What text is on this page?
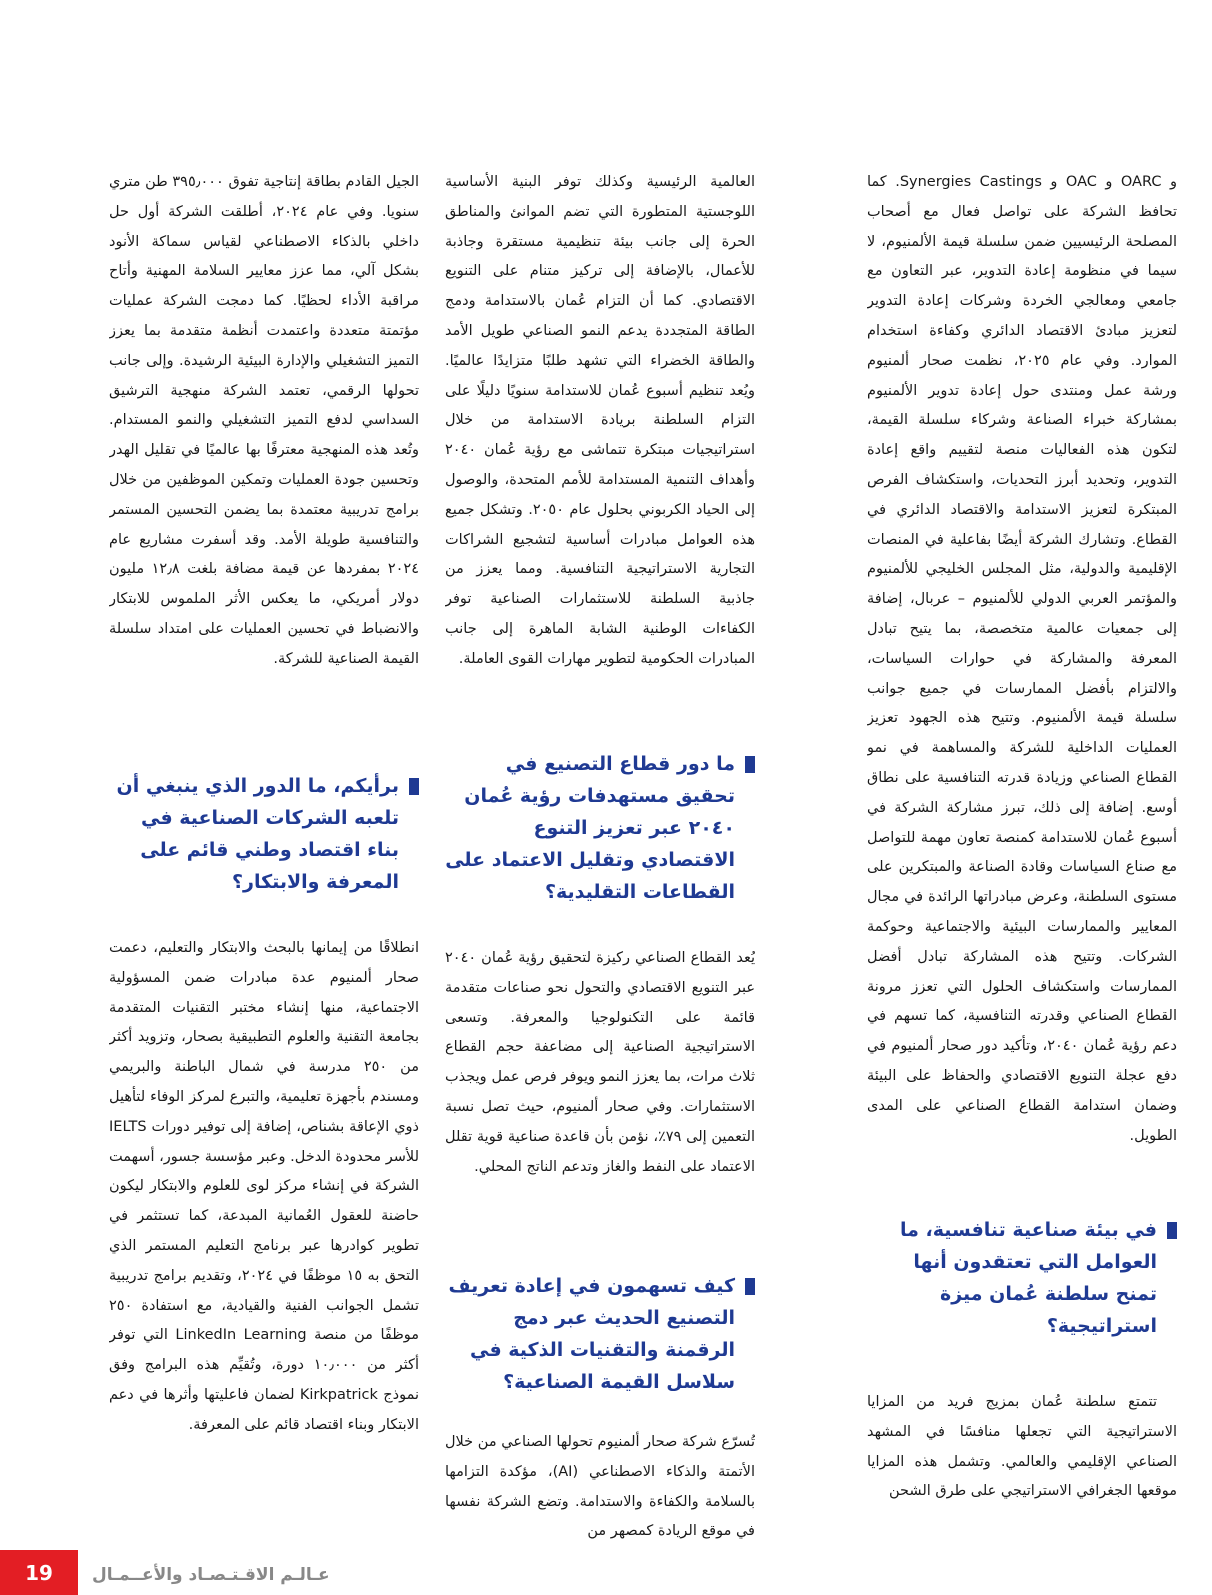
و OARC و OAC و Synergies Castings. كما تحافظ الشركة على تواصل فعال مع أصحاب المصلحة الرئيسيين ضمن سلسلة قيمة الألمنيوم، لا سيما في منظومة إعادة التدوير، عبر التعاون مع جامعي ومعالجي الخردة وشركات إعادة التدوير لتعزيز مبادئ الاقتصاد الدائري وكفاءة استخدام الموارد. وفي عام ٢٠٢٥، نظمت صحار ألمنيوم ورشة عمل ومنتدى حول إعادة تدوير الألمنيوم بمشاركة خبراء الصناعة وشركاء سلسلة القيمة، لتكون هذه الفعاليات منصة لتقييم واقع إعادة التدوير، وتحديد أبرز التحديات، واستكشاف الفرص المبتكرة لتعزيز الاستدامة والاقتصاد الدائري في القطاع. وتشارك الشركة أيضًا بفاعلية في المنصات الإقليمية والدولية، مثل المجلس الخليجي للألمنيوم والمؤتمر العربي الدولي للألمنيوم – عربال، إضافة إلى جمعيات عالمية متخصصة، بما يتيح تبادل المعرفة والمشاركة في حوارات السياسات، والالتزام بأفضل الممارسات في جميع جوانب سلسلة قيمة الألمنيوم. وتتيح هذه الجهود تعزيز العمليات الداخلية للشركة والمساهمة في نمو القطاع الصناعي وزيادة قدرته التنافسية على نطاق أوسع. إضافة إلى ذلك، تبرز مشاركة الشركة في أسبوع عُمان للاستدامة كمنصة تعاون مهمة للتواصل مع صناع السياسات وقادة الصناعة والمبتكرين على مستوى السلطنة، وعرض مبادراتها الرائدة في مجال المعايير والممارسات البيئية والاجتماعية وحوكمة الشركات. وتتيح هذه المشاركة تبادل أفضل الممارسات واستكشاف الحلول التي تعزز مرونة القطاع الصناعي وقدرته التنافسية، كما تسهم في دعم رؤية عُمان ٢٠٤٠، وتأكيد دور صحار ألمنيوم في دفع عجلة التنويع الاقتصادي والحفاظ على البيئة وضمان استدامة القطاع الصناعي على المدى الطويل.

في بيئة صناعية تنافسية، ما العوامل التي تعتقدون أنها تمنح سلطنة عُمان ميزة استراتيجية؟

تتمتع سلطنة عُمان بمزيج فريد من المزايا الاستراتيجية التي تجعلها منافسًا في المشهد الصناعي الإقليمي والعالمي. وتشمل هذه المزايا موقعها الجغرافي الاستراتيجي على طرق الشحن

العالمية الرئيسية وكذلك توفر البنية الأساسية اللوجستية المتطورة التي تضم الموانئ والمناطق الحرة إلى جانب بيئة تنظيمية مستقرة وجاذبة للأعمال، بالإضافة إلى تركيز متنام على التنويع الاقتصادي. كما أن التزام عُمان بالاستدامة ودمج الطاقة المتجددة يدعم النمو الصناعي طويل الأمد والطاقة الخضراء التي تشهد طلبًا متزايدًا عالميًا. ويُعد تنظيم أسبوع عُمان للاستدامة سنويًا دليلًا على التزام السلطنة بريادة الاستدامة من خلال استراتيجيات مبتكرة تتماشى مع رؤية عُمان ٢٠٤٠ وأهداف التنمية المستدامة للأمم المتحدة، والوصول إلى الحياد الكربوني بحلول عام ٢٠٥٠. وتشكل جميع هذه العوامل مبادرات أساسية لتشجيع الشراكات التجارية الاستراتيجية التنافسية. ومما يعزز من جاذبية السلطنة للاستثمارات الصناعية توفر الكفاءات الوطنية الشابة الماهرة إلى جانب المبادرات الحكومية لتطوير مهارات القوى العاملة.

ما دور قطاع التصنيع في تحقيق مستهدفات رؤية عُمان ٢٠٤٠ عبر تعزيز التنوع الاقتصادي وتقليل الاعتماد على القطاعات التقليدية؟

يُعد القطاع الصناعي ركيزة لتحقيق رؤية عُمان ٢٠٤٠ عبر التنويع الاقتصادي والتحول نحو صناعات متقدمة قائمة على التكنولوجيا والمعرفة. وتسعى الاستراتيجية الصناعية إلى مضاعفة حجم القطاع ثلاث مرات، بما يعزز النمو ويوفر فرص عمل ويجذب الاستثمارات. وفي صحار ألمنيوم، حيث تصل نسبة التعمين إلى ٧٩٪، نؤمن بأن قاعدة صناعية قوية تقلل الاعتماد على النفط والغاز وتدعم الناتج المحلي.

كيف تسهمون في إعادة تعريف التصنيع الحديث عبر دمج الرقمنة والتقنيات الذكية في سلاسل القيمة الصناعية؟

تُسرّع شركة صحار ألمنيوم تحولها الصناعي من خلال الأتمتة والذكاء الاصطناعي (AI)، مؤكدة التزامها بالسلامة والكفاءة والاستدامة. وتضع الشركة نفسها في موقع الريادة كمصهر من

الجيل القادم بطاقة إنتاجية تفوق ٣٩٥٫٠٠٠ طن متري سنويا. وفي عام ٢٠٢٤، أطلقت الشركة أول حل داخلي بالذكاء الاصطناعي لقياس سماكة الأنود بشكل آلي، مما عزز معايير السلامة المهنية وأتاح مراقبة الأداء لحظيًا. كما دمجت الشركة عمليات مؤتمتة متعددة واعتمدت أنظمة متقدمة بما يعزز التميز التشغيلي والإدارة البيئية الرشيدة. وإلى جانب تحولها الرقمي، تعتمد الشركة منهجية الترشيق السداسي لدفع التميز التشغيلي والنمو المستدام. وتُعد هذه المنهجية معترفًا بها عالميًا في تقليل الهدر وتحسين جودة العمليات وتمكين الموظفين من خلال برامج تدريبية معتمدة بما يضمن التحسين المستمر والتنافسية طويلة الأمد. وقد أسفرت مشاريع عام ٢٠٢٤ بمفردها عن قيمة مضافة بلغت ١٢٫٨ مليون دولار أمريكي، ما يعكس الأثر الملموس للابتكار والانضباط في تحسين العمليات على امتداد سلسلة القيمة الصناعية للشركة.

برأيكم، ما الدور الذي ينبغي أن تلعبه الشركات الصناعية في بناء اقتصاد وطني قائم على المعرفة والابتكار؟

انطلاقًا من إيمانها بالبحث والابتكار والتعليم، دعمت صحار ألمنيوم عدة مبادرات ضمن المسؤولية الاجتماعية، منها إنشاء مختبر التقنيات المتقدمة بجامعة التقنية والعلوم التطبيقية بصحار، وتزويد أكثر من ٢٥٠ مدرسة في شمال الباطنة والبريمي ومسندم بأجهزة تعليمية، والتبرع لمركز الوفاء لتأهيل ذوي الإعاقة بشناص، إضافة إلى توفير دورات IELTS للأسر محدودة الدخل. وعبر مؤسسة جسور، أسهمت الشركة في إنشاء مركز لوى للعلوم والابتكار ليكون حاضنة للعقول العُمانية المبدعة، كما تستثمر في تطوير كوادرها عبر برنامج التعليم المستمر الذي التحق به ١٥ موظفًا في ٢٠٢٤، وتقديم برامج تدريبية تشمل الجوانب الفنية والقيادية، مع استفادة ٢٥٠ موظفًا من منصة LinkedIn Learning التي توفر أكثر من ١٠٫٠٠٠ دورة، وتُقيِّم هذه البرامج وفق نموذج Kirkpatrick لضمان فاعليتها وأثرها في دعم الابتكار وبناء اقتصاد قائم على المعرفة.

19	عـالـم الاقـتـصـاد والأعــمـال
